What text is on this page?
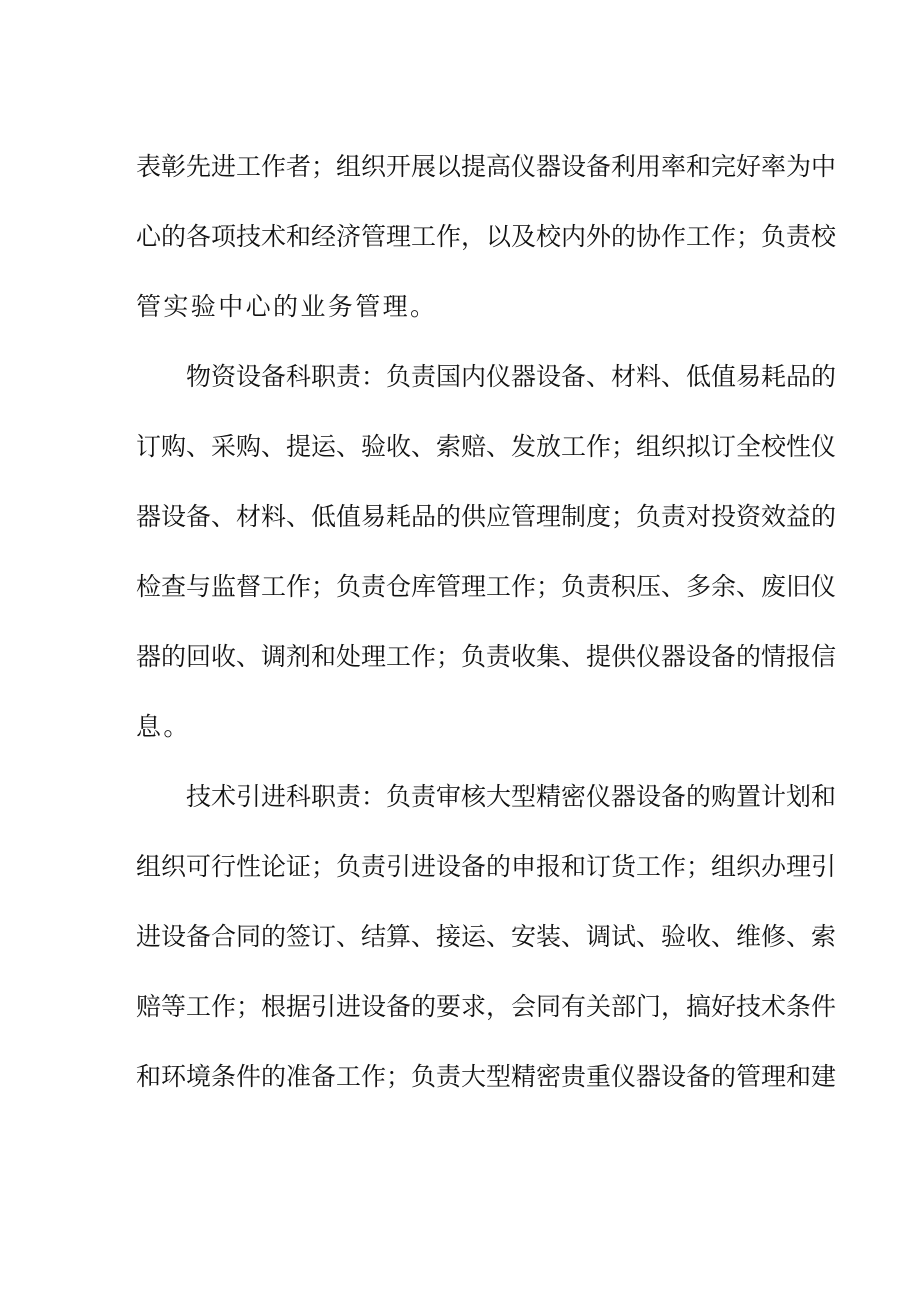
表彰先进工作者；组织开展以提高仪器设备利用率和完好率为中
心的各项技术和经济管理工作，以及校内外的协作工作；负责校
管实验中心的业务管理。
物资设备科职责：负责国内仪器设备、材料、低值易耗品的
订购、采购、提运、验收、索赔、发放工作；组织拟订全校性仪
器设备、材料、低值易耗品的供应管理制度；负责对投资效益的
检查与监督工作；负责仓库管理工作；负责积压、多余、废旧仪
器的回收、调剂和处理工作；负责收集、提供仪器设备的情报信
息。
技术引进科职责：负责审核大型精密仪器设备的购置计划和
组织可行性论证；负责引进设备的申报和订货工作；组织办理引
进设备合同的签订、结算、接运、安装、调试、验收、维修、索
赔等工作；根据引进设备的要求，会同有关部门，搞好技术条件
和环境条件的准备工作；负责大型精密贵重仪器设备的管理和建
